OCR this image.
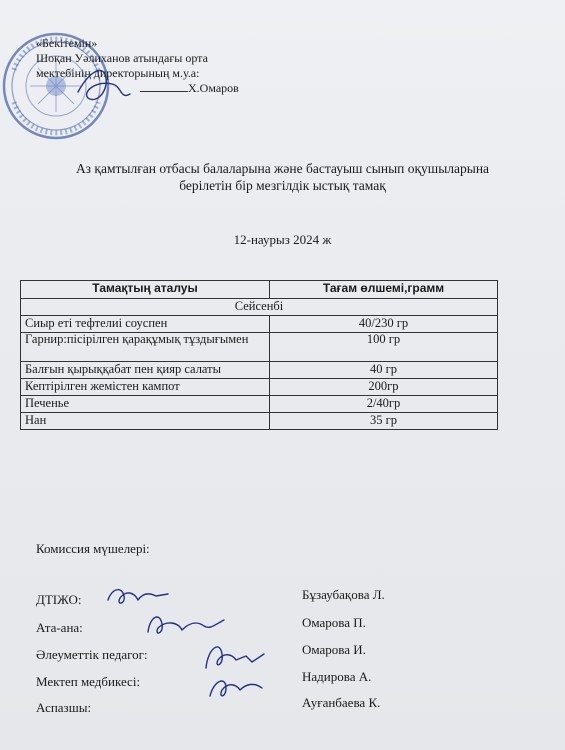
«Бекітемін»
Шоқан Уәлиханов атындағы орта
мектебінің директорының м.у.а:
Х.Омаров
Аз қамтылған отбасы балаларына және бастауыш сынып оқушыларына
берілетін бір мезгілдік ыстық тамақ
12-наурыз 2024 ж
Тамақтың аталуы	Тағам өлшемі,грамм
Сейсенбі	
Сиыр еті тефтелиі соуспен	40/230 гр
Гарнир:пісірілген қарақұмық тұздығымен	100 гр
Балғын қырыққабат пен қияр салаты	40 гр
Кептірілген жемістен кампот	200гр
Печенье	2/40гр
Нан	35 гр
Комиссия мүшелері:
ДТІЖО:	Бұзаубақова Л.
Ата-ана:	Омарова П.
Әлеуметтік педагог:	Омарова И.
Мектеп медбикесі:	Надирова А.
Аспазшы:	Ауғанбаева К.
